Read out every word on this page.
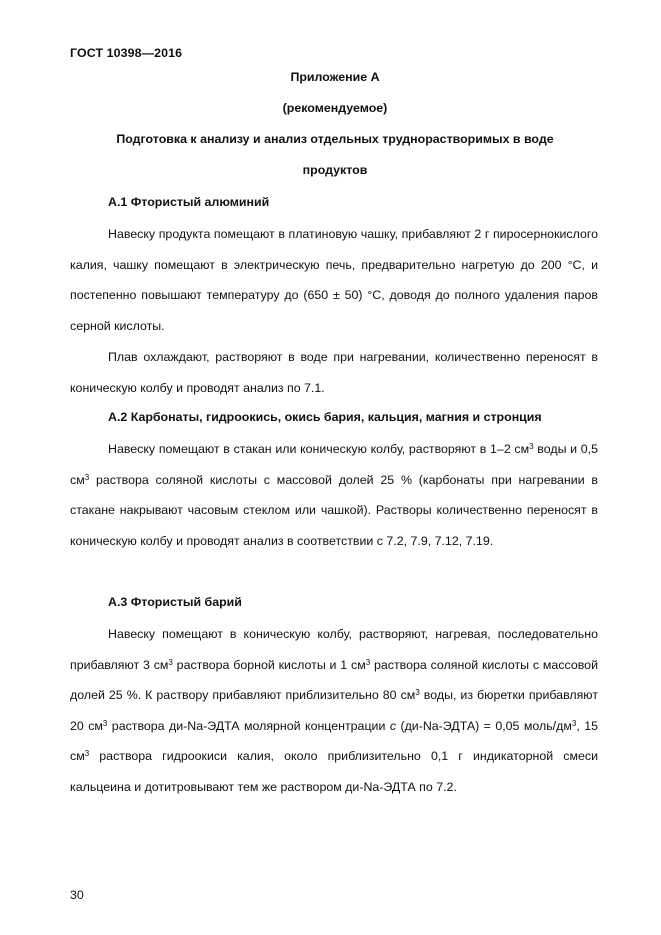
ГОСТ 10398—2016
Приложение А
(рекомендуемое)
Подготовка к анализу и анализ отдельных труднорастворимых в воде
продуктов
А.1 Фтористый алюминий
Навеску продукта помещают в платиновую чашку, прибавляют 2 г пиросернокислого калия, чашку помещают в электрическую печь, предварительно нагретую до 200 °С, и постепенно повышают температуру до (650 ± 50) °С, доводя до полного удаления паров серной кислоты.
Плав охлаждают, растворяют в воде при нагревании, количественно переносят в коническую колбу и проводят анализ по 7.1.
А.2 Карбонаты, гидроокись, окись бария, кальция, магния и стронция
Навеску помещают в стакан или коническую колбу, растворяют в 1–2 $см^3$ воды и 0,5 $см^3$ раствора соляной кислоты с массовой долей 25 % (карбонаты при нагревании в стакане накрывают часовым стеклом или чашкой). Растворы количественно переносят в коническую колбу и проводят анализ в соответствии с 7.2, 7.9, 7.12, 7.19.
А.3 Фтористый барий
Навеску помещают в коническую колбу, растворяют, нагревая, последовательно прибавляют 3 $см^3$ раствора борной кислоты и 1 $см^3$ раствора соляной кислоты с массовой долей 25 %. К раствору прибавляют приблизительно 80 $см^3$ воды, из бюретки прибавляют 20 $см^3$ раствора ди-Na-ЭДТА молярной концентрации c (ди-Na-ЭДТА) = 0,05 моль/$дм^3$, 15 $см^3$ раствора гидроокиси калия, около приблизительно 0,1 г индикаторной смеси кальцеина и дотитровывают тем же раствором ди-Na-ЭДТА по 7.2.
30
